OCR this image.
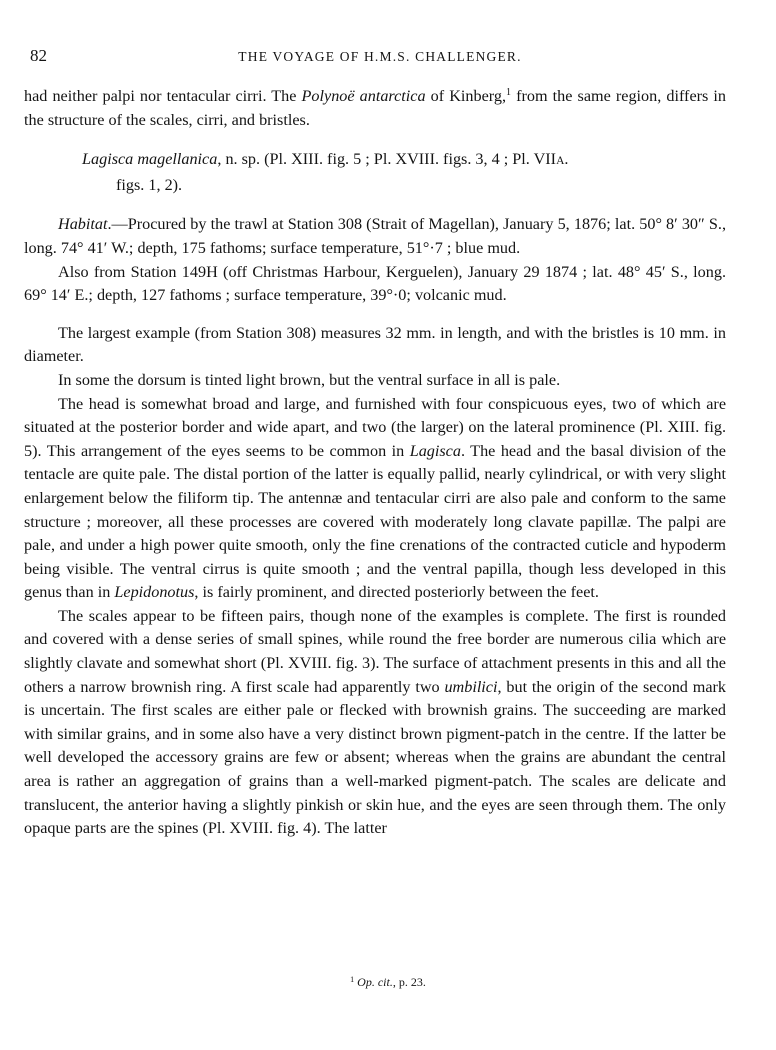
82	THE VOYAGE OF H.M.S. CHALLENGER.

had neither palpi nor tentacular cirri. The Polynoë antarctica of Kinberg,$^1$ from the same region, differs in the structure of the scales, cirri, and bristles.

Lagisca magellanica, n. sp. (Pl. XIII. fig. 5 ; Pl. XVIII. figs. 3, 4 ; Pl. VIIA.
figs. 1, 2).

Habitat.—Procured by the trawl at Station 308 (Strait of Magellan), January 5, 1876; lat. 50° 8′ 30″ S., long. 74° 41′ W.; depth, 175 fathoms; surface temperature, 51°·7 ; blue mud.

Also from Station 149H (off Christmas Harbour, Kerguelen), January 29 1874 ; lat. 48° 45′ S., long. 69° 14′ E.; depth, 127 fathoms ; surface temperature, 39°·0; volcanic mud.

The largest example (from Station 308) measures 32 mm. in length, and with the bristles is 10 mm. in diameter.

In some the dorsum is tinted light brown, but the ventral surface in all is pale.

The head is somewhat broad and large, and furnished with four conspicuous eyes, two of which are situated at the posterior border and wide apart, and two (the larger) on the lateral prominence (Pl. XIII. fig. 5). This arrangement of the eyes seems to be common in Lagisca. The head and the basal division of the tentacle are quite pale. The distal portion of the latter is equally pallid, nearly cylindrical, or with very slight enlargement below the filiform tip. The antennæ and tentacular cirri are also pale and conform to the same structure ; moreover, all these processes are covered with moderately long clavate papillæ. The palpi are pale, and under a high power quite smooth, only the fine crenations of the contracted cuticle and hypoderm being visible. The ventral cirrus is quite smooth ; and the ventral papilla, though less developed in this genus than in Lepidonotus, is fairly prominent, and directed posteriorly between the feet.

The scales appear to be fifteen pairs, though none of the examples is complete. The first is rounded and covered with a dense series of small spines, while round the free border are numerous cilia which are slightly clavate and somewhat short (Pl. XVIII. fig. 3). The surface of attachment presents in this and all the others a narrow brownish ring. A first scale had apparently two umbilici, but the origin of the second mark is uncertain. The first scales are either pale or flecked with brownish grains. The succeeding are marked with similar grains, and in some also have a very distinct brown pigment-patch in the centre. If the latter be well developed the accessory grains are few or absent; whereas when the grains are abundant the central area is rather an aggregation of grains than a well-marked pigment-patch. The scales are delicate and translucent, the anterior having a slightly pinkish or skin hue, and the eyes are seen through them. The only opaque parts are the spines (Pl. XVIII. fig. 4). The latter

$^1$ Op. cit., p. 23.
